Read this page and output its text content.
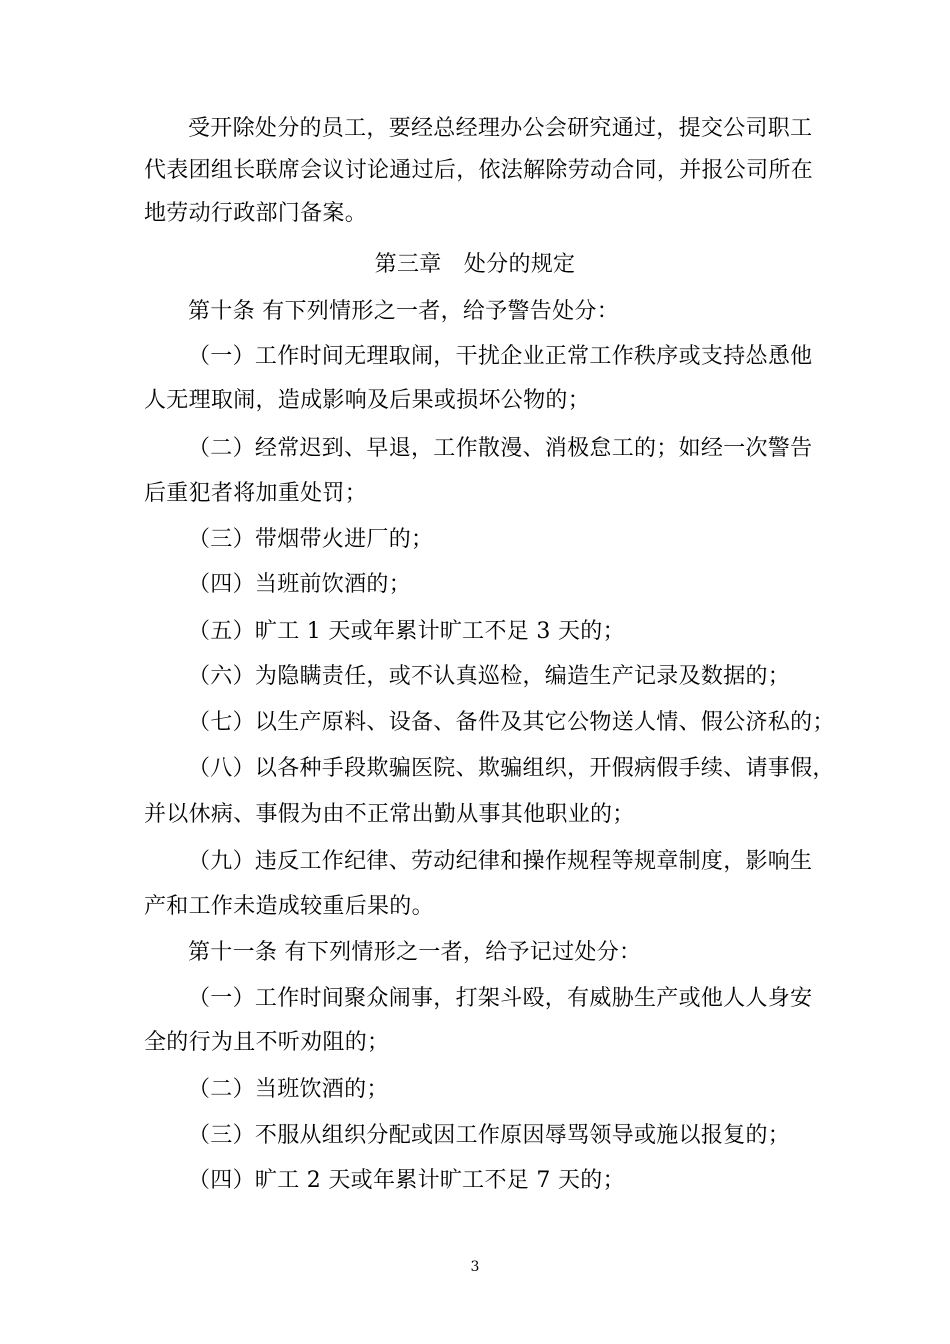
受开除处分的员工，要经总经理办公会研究通过，提交公司职工
代表团组长联席会议讨论通过后，依法解除劳动合同，并报公司所在
地劳动行政部门备案。
第三章　处分的规定
第十条 有下列情形之一者，给予警告处分：
（一）工作时间无理取闹，干扰企业正常工作秩序或支持怂恿他
人无理取闹，造成影响及后果或损坏公物的；
（二）经常迟到、早退，工作散漫、消极怠工的；如经一次警告
后重犯者将加重处罚；
（三）带烟带火进厂的；
（四）当班前饮酒的；
（五）旷工 1 天或年累计旷工不足 3 天的；
（六）为隐瞒责任，或不认真巡检，编造生产记录及数据的；
（七）以生产原料、设备、备件及其它公物送人情、假公济私的；
（八）以各种手段欺骗医院、欺骗组织，开假病假手续、请事假，
并以休病、事假为由不正常出勤从事其他职业的；
（九）违反工作纪律、劳动纪律和操作规程等规章制度，影响生
产和工作未造成较重后果的。
第十一条 有下列情形之一者，给予记过处分：
（一）工作时间聚众闹事，打架斗殴，有威胁生产或他人人身安
全的行为且不听劝阻的；
（二）当班饮酒的；
（三）不服从组织分配或因工作原因辱骂领导或施以报复的；
（四）旷工 2 天或年累计旷工不足 7 天的；
3
